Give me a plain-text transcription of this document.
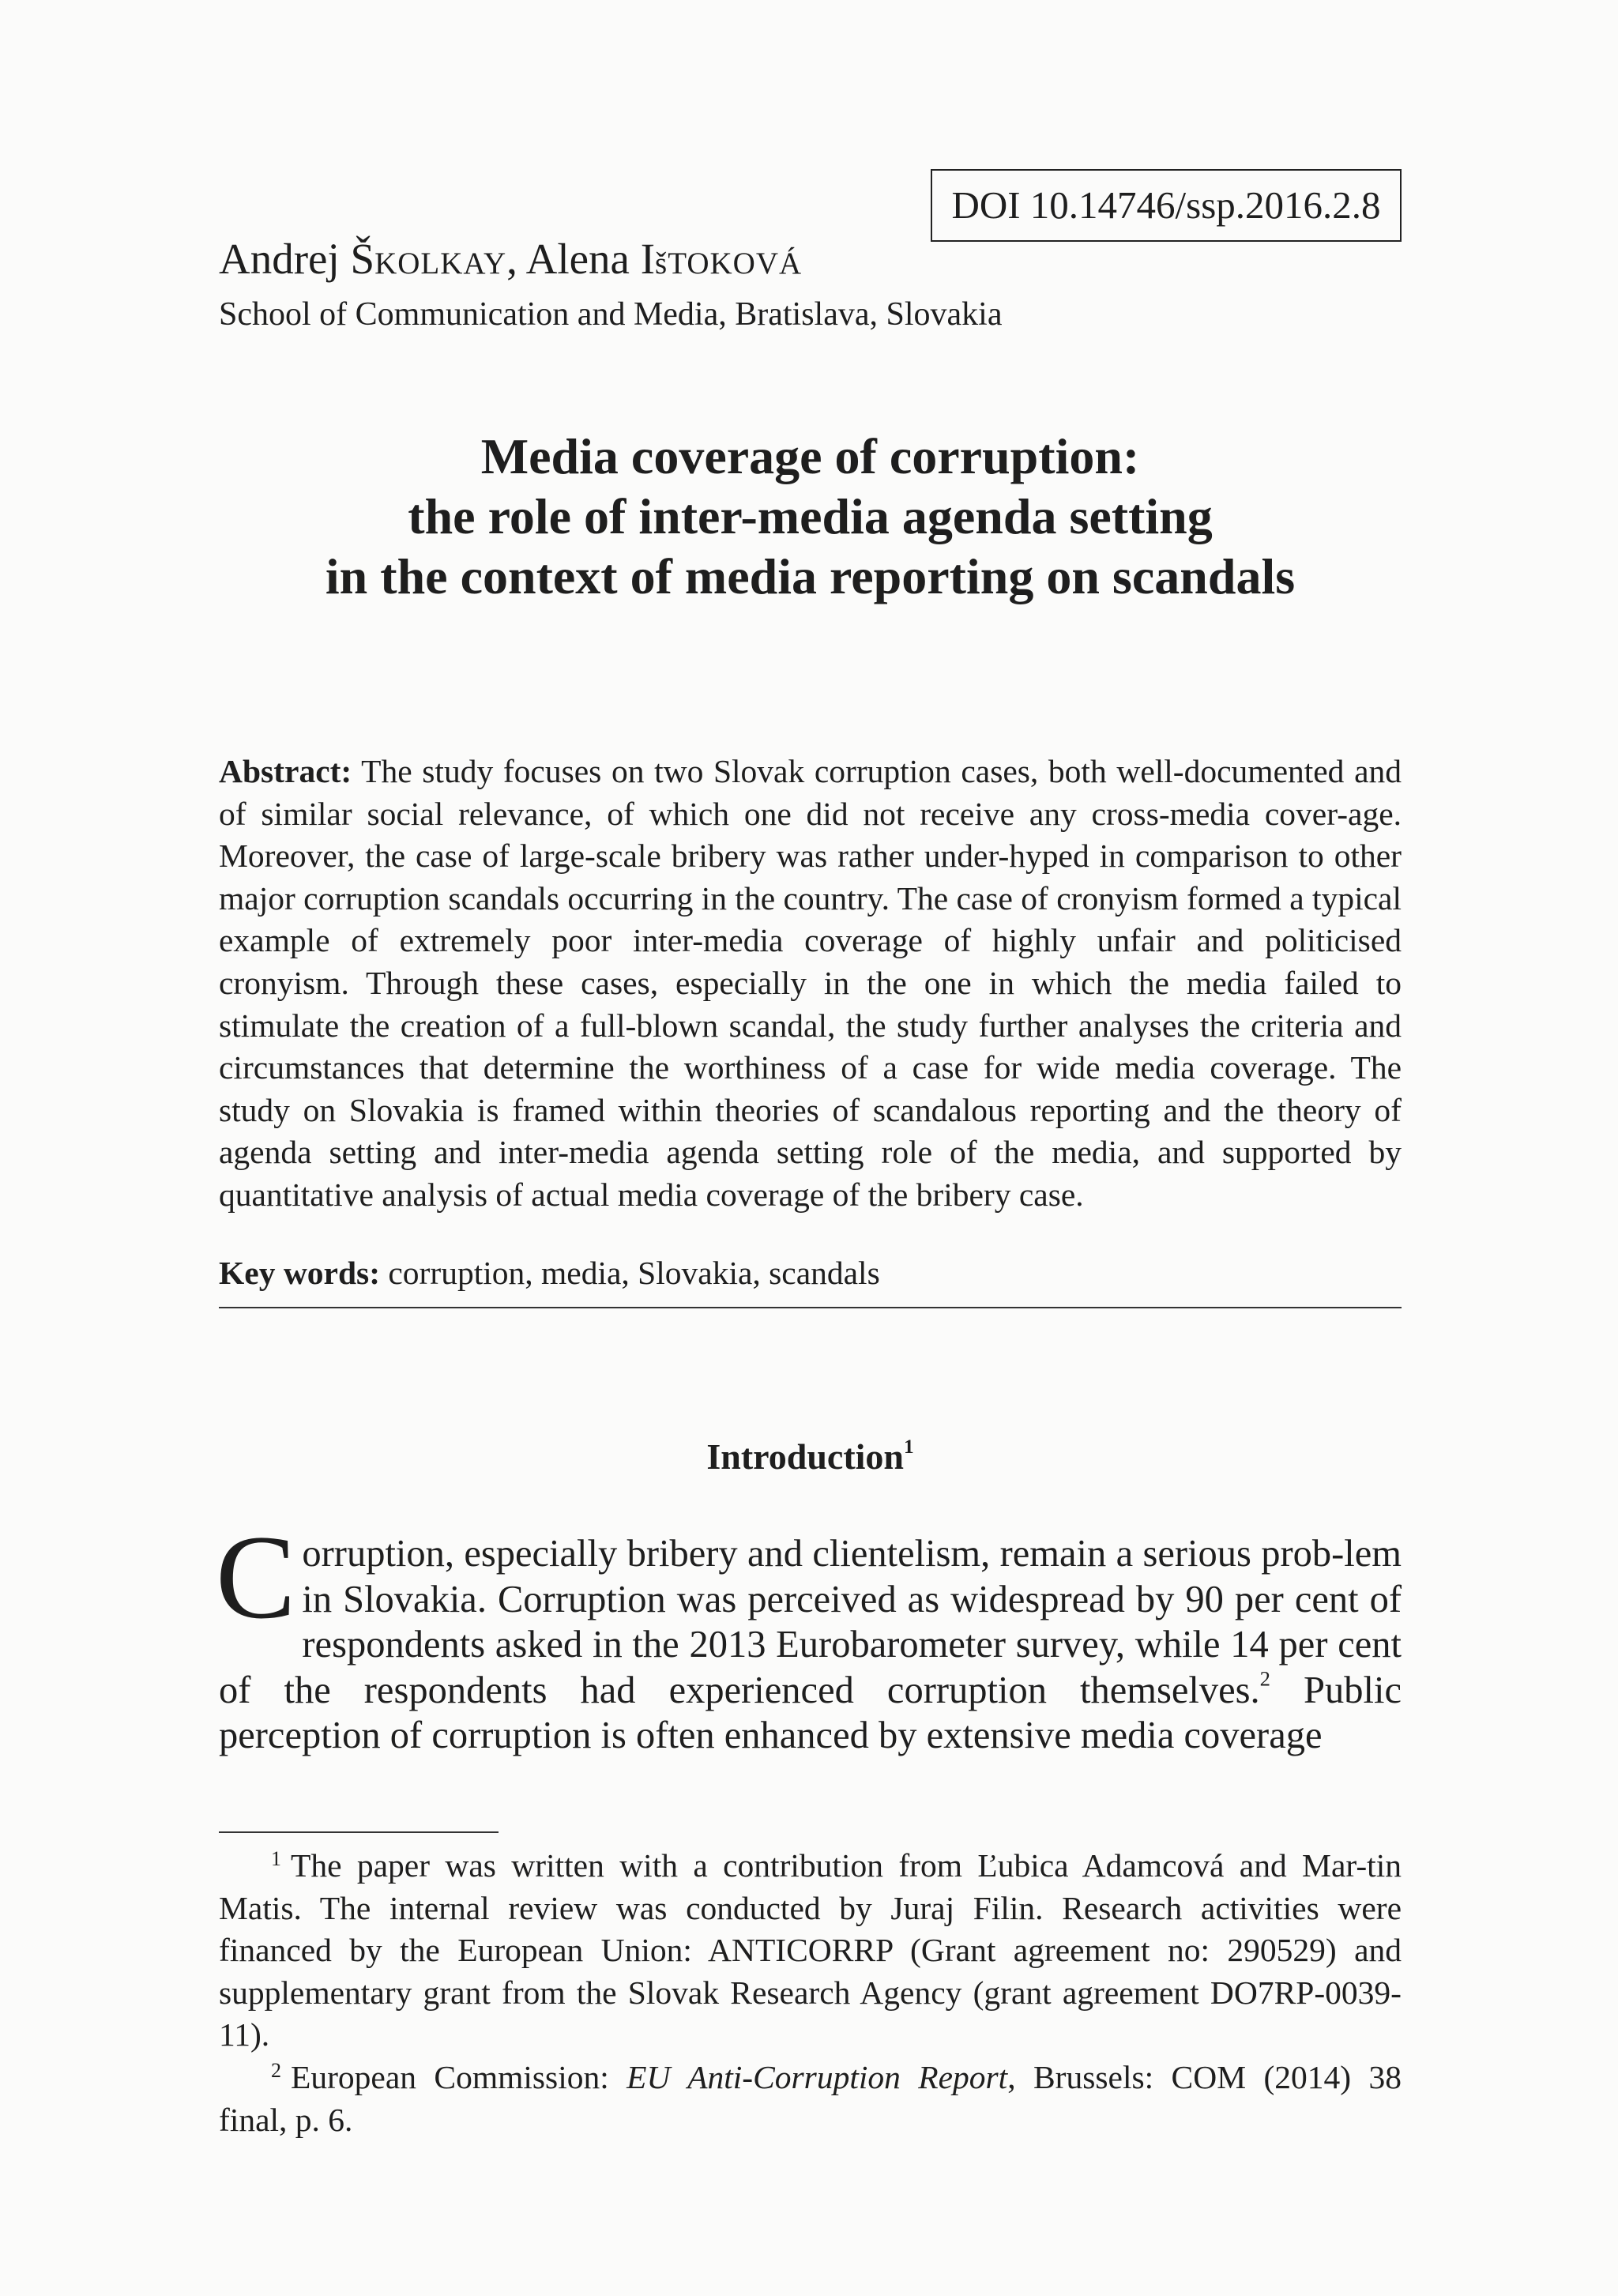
DOI 10.14746/ssp.2016.2.8
Andrej ŠKOLKAY, Alena IšTOKOVÁ
School of Communication and Media, Bratislava, Slovakia
Media coverage of corruption:
the role of inter-media agenda setting
in the context of media reporting on scandals
Abstract: The study focuses on two Slovak corruption cases, both well-documented and of similar social relevance, of which one did not receive any cross-media cover-age. Moreover, the case of large-scale bribery was rather under-hyped in comparison to other major corruption scandals occurring in the country. The case of cronyism formed a typical example of extremely poor inter-media coverage of highly unfair and politicised cronyism. Through these cases, especially in the one in which the media failed to stimulate the creation of a full-blown scandal, the study further analyses the criteria and circumstances that determine the worthiness of a case for wide media coverage. The study on Slovakia is framed within theories of scandalous reporting and the theory of agenda setting and inter-media agenda setting role of the media, and supported by quantitative analysis of actual media coverage of the bribery case.
Key words: corruption, media, Slovakia, scandals
Introduction$^1$
Corruption, especially bribery and clientelism, remain a serious prob-lem in Slovakia. Corruption was perceived as widespread by 90 per cent of respondents asked in the 2013 Eurobarometer survey, while 14 per cent of the respondents had experienced corruption themselves.$^2$ Public perception of corruption is often enhanced by extensive media coverage

$^1$ The paper was written with a contribution from Ľubica Adamcová and Mar-tin Matis. The internal review was conducted by Juraj Filin. Research activities were financed by the European Union: ANTICORRP (Grant agreement no: 290529) and supplementary grant from the Slovak Research Agency (grant agreement DO7RP-0039-11).

$^2$ European Commission: EU Anti-Corruption Report, Brussels: COM (2014) 38 final, p. 6.
